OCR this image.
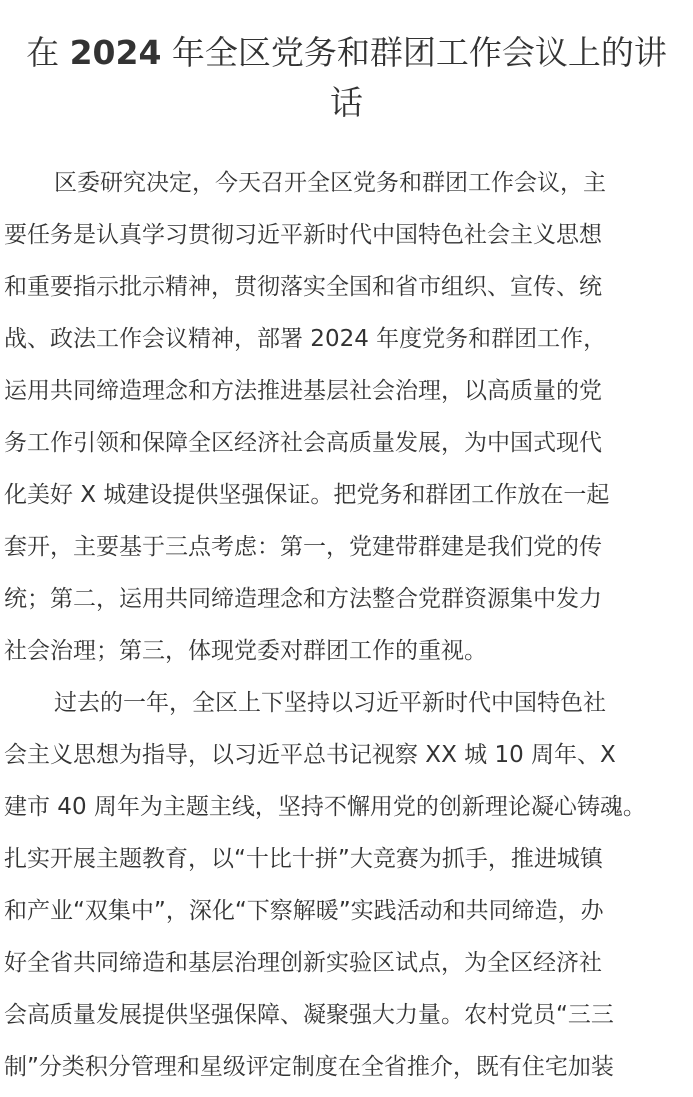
在 2024 年全区党务和群团工作会议上的讲
话
区委研究决定，今天召开全区党务和群团工作会议，主
要任务是认真学习贯彻习近平新时代中国特色社会主义思想
和重要指示批示精神，贯彻落实全国和省市组织、宣传、统
战、政法工作会议精神，部署 2024 年度党务和群团工作，
运用共同缔造理念和方法推进基层社会治理，以高质量的党
务工作引领和保障全区经济社会高质量发展，为中国式现代
化美好 X 城建设提供坚强保证。把党务和群团工作放在一起
套开，主要基于三点考虑：第一，党建带群建是我们党的传
统；第二，运用共同缔造理念和方法整合党群资源集中发力
社会治理；第三，体现党委对群团工作的重视。
过去的一年，全区上下坚持以习近平新时代中国特色社
会主义思想为指导，以习近平总书记视察 XX 城 10 周年、X
建市 40 周年为主题主线，坚持不懈用党的创新理论凝心铸魂。
扎实开展主题教育，以“十比十拼”大竞赛为抓手，推进城镇
和产业“双集中”，深化“下察解暖”实践活动和共同缔造，办
好全省共同缔造和基层治理创新实验区试点，为全区经济社
会高质量发展提供坚强保障、凝聚强大力量。农村党员“三三
制”分类积分管理和星级评定制度在全省推介，既有住宅加装
